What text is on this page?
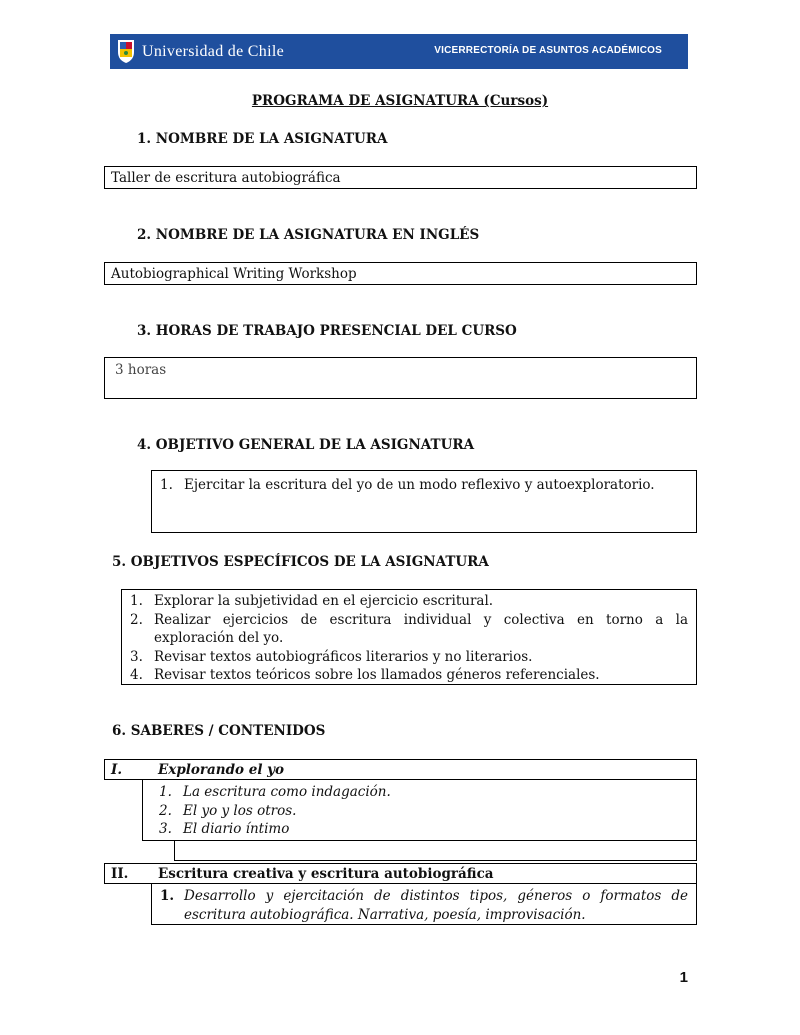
Universidad de Chile	VICERRECTORÍA DE ASUNTOS ACADÉMICOS
PROGRAMA DE ASIGNATURA (Cursos)
1. NOMBRE DE LA ASIGNATURA
Taller de escritura autobiográfica
2. NOMBRE DE LA ASIGNATURA EN INGLÉS
Autobiographical Writing Workshop
3. HORAS DE TRABAJO PRESENCIAL DEL CURSO
3 horas
4. OBJETIVO GENERAL DE LA ASIGNATURA
1. Ejercitar la escritura del yo de un modo reflexivo y autoexploratorio.
5. OBJETIVOS ESPECÍFICOS DE LA ASIGNATURA
1. Explorar la subjetividad en el ejercicio escritural.
2. Realizar ejercicios de escritura individual y colectiva en torno a la exploración del yo.
3. Revisar textos autobiográficos literarios y no literarios.
4. Revisar textos teóricos sobre los llamados géneros referenciales.
6. SABERES / CONTENIDOS
I.	Explorando el yo
1. La escritura como indagación.
2. El yo y los otros.
3. El diario íntimo
II. Escritura creativa y escritura autobiográfica
1. Desarrollo y ejercitación de distintos tipos, géneros o formatos de escritura autobiográfica. Narrativa, poesía, improvisación.
1
